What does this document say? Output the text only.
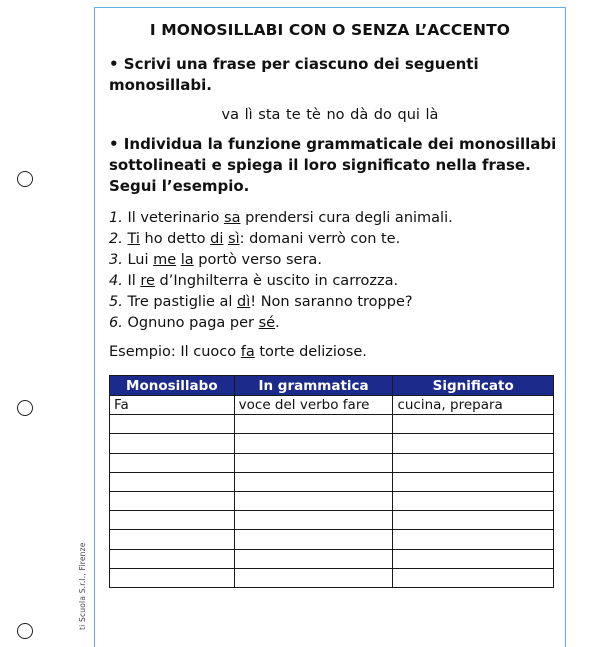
ti Scuola S.r.l., Firenze
I MONOSILLABI CON O SENZA L’ACCENTO
• Scrivi una frase per ciascuno dei seguenti
monosillabi.
va lì sta te tè no dà do qui là
• Individua la funzione grammaticale dei monosillabi
sottolineati e spiega il loro significato nella frase.
Segui l’esempio.
1. Il veterinario sa prendersi cura degli animali.
2. Ti ho detto di sì: domani verrò con te.
3. Lui me la portò verso sera.
4. Il re d’Inghilterra è uscito in carrozza.
5. Tre pastiglie al dì! Non saranno troppe?
6. Ognuno paga per sé.
Esempio: Il cuoco fa torte deliziose.
Monosillabo	In grammatica	Significato
Fa	voce del verbo fare	cucina, prepara
